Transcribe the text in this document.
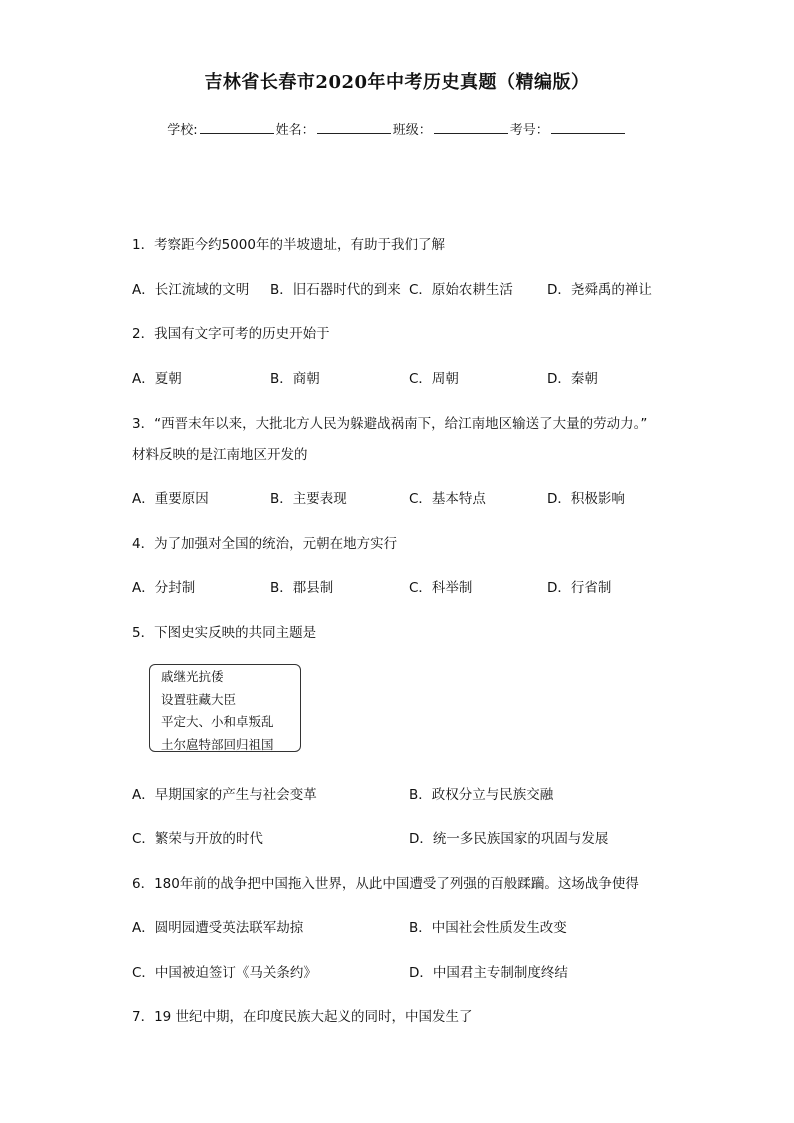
吉林省长春市2020年中考历史真题（精编版）
学校:	姓名：	班级：	考号：
1．考察距今约5000年的半坡遗址，有助于我们了解
A．长江流域的文明 B．旧石器时代的到来 C．原始农耕生活	D．尧舜禹的禅让
2．我国有文字可考的历史开始于
A．夏朝	B．商朝	C．周朝	D．秦朝
3．“西晋末年以来，大批北方人民为躲避战祸南下，给江南地区输送了大量的劳动力。”
材料反映的是江南地区开发的
A．重要原因	B．主要表现	C．基本特点	D．积极影响
4．为了加强对全国的统治，元朝在地方实行
A．分封制	B．郡县制	C．科举制	D．行省制
5．下图史实反映的共同主题是
戚继光抗倭
设置驻藏大臣
平定大、小和卓叛乱
土尔扈特部回归祖国
A．早期国家的产生与社会变革	B．政权分立与民族交融
C．繁荣与开放的时代	D．统一多民族国家的巩固与发展
6．180年前的战争把中国拖入世界，从此中国遭受了列强的百般蹂躏。这场战争使得
A．圆明园遭受英法联军劫掠	B．中国社会性质发生改变
C．中国被迫签订《马关条约》	D．中国君主专制制度终结
7．19 世纪中期，在印度民族大起义的同时，中国发生了
